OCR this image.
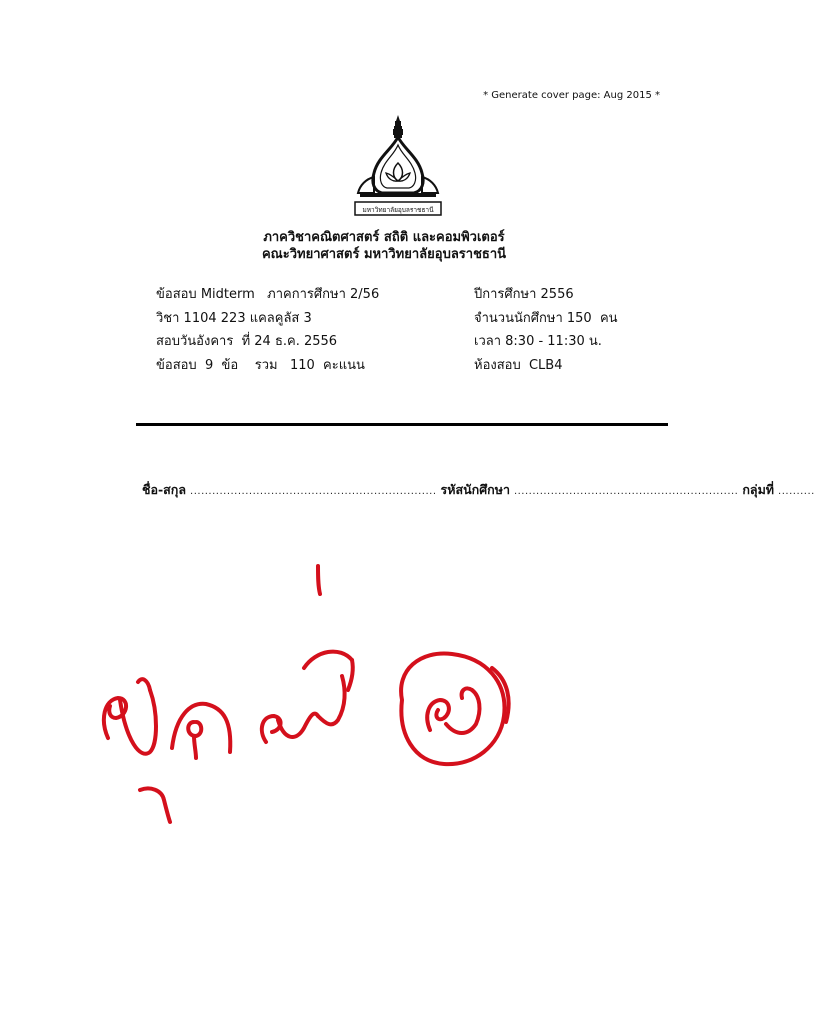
* Generate cover page: Aug 2015 *
มหาวิทยาลัยอุบลราชธานี
ภาควิชาคณิตศาสตร์ สถิติ และคอมพิวเตอร์
คณะวิทยาศาสตร์ มหาวิทยาลัยอุบลราชธานี
ข้อสอบ Midterm   ภาคการศึกษา 2/56
วิชา 1104 223 แคลคูลัส 3
สอบวันอังคาร  ที่ 24 ธ.ค. 2556
ข้อสอบ  9  ข้อ    รวม   110  คะแนน
ปีการศึกษา 2556
จำนวนนักศึกษา 150  คน
เวลา 8:30 - 11:30 น.
ห้องสอบ  CLB4
ชื่อ-สกุล ................................................................... รหัสนักศึกษา ............................................................. กลุ่มที่ ..........
